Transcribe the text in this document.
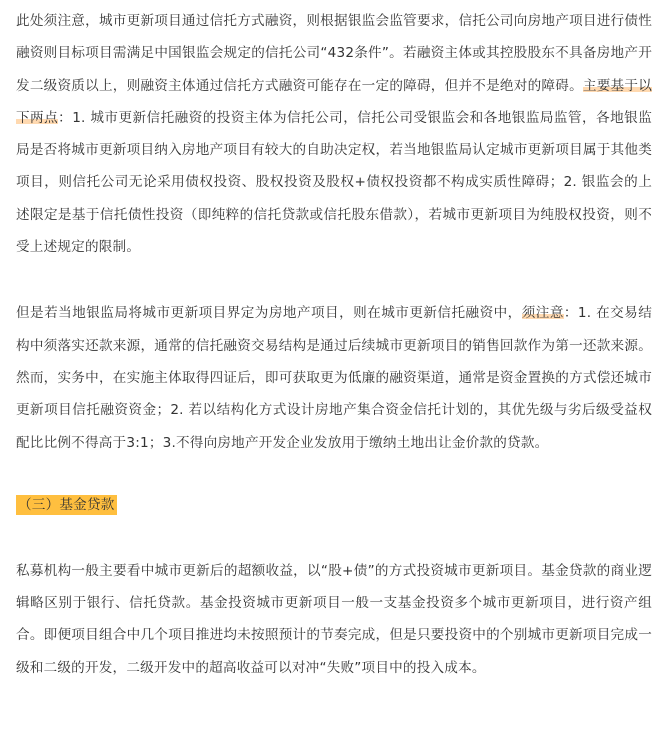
此处须注意，城市更新项目通过信托方式融资，则根据银监会监管要求，信托公司向房地产项目进行债性融资则目标项目需满足中国银监会规定的信托公司“432条件”。若融资主体或其控股股东不具备房地产开发二级资质以上，则融资主体通过信托方式融资可能存在一定的障碍，但并不是绝对的障碍。主要基于以下两点：1. 城市更新信托融资的投资主体为信托公司，信托公司受银监会和各地银监局监管，各地银监局是否将城市更新项目纳入房地产项目有较大的自助决定权，若当地银监局认定城市更新项目属于其他类项目，则信托公司无论采用债权投资、股权投资及股权+债权投资都不构成实质性障碍；2. 银监会的上述限定是基于信托债性投资（即纯粹的信托贷款或信托股东借款），若城市更新项目为纯股权投资，则不受上述规定的限制。

但是若当地银监局将城市更新项目界定为房地产项目，则在城市更新信托融资中，须注意：1. 在交易结构中须落实还款来源，通常的信托融资交易结构是通过后续城市更新项目的销售回款作为第一还款来源。然而，实务中，在实施主体取得四证后，即可获取更为低廉的融资渠道，通常是资金置换的方式偿还城市更新项目信托融资资金；2. 若以结构化方式设计房地产集合资金信托计划的，其优先级与劣后级受益权配比比例不得高于3:1；3.不得向房地产开发企业发放用于缴纳土地出让金价款的贷款。

（三）基金贷款

私募机构一般主要看中城市更新后的超额收益，以“股+债”的方式投资城市更新项目。基金贷款的商业逻辑略区别于银行、信托贷款。基金投资城市更新项目一般一支基金投资多个城市更新项目，进行资产组合。即便项目组合中几个项目推进均未按照预计的节奏完成，但是只要投资中的个别城市更新项目完成一级和二级的开发，二级开发中的超高收益可以对冲“失败”项目中的投入成本。
